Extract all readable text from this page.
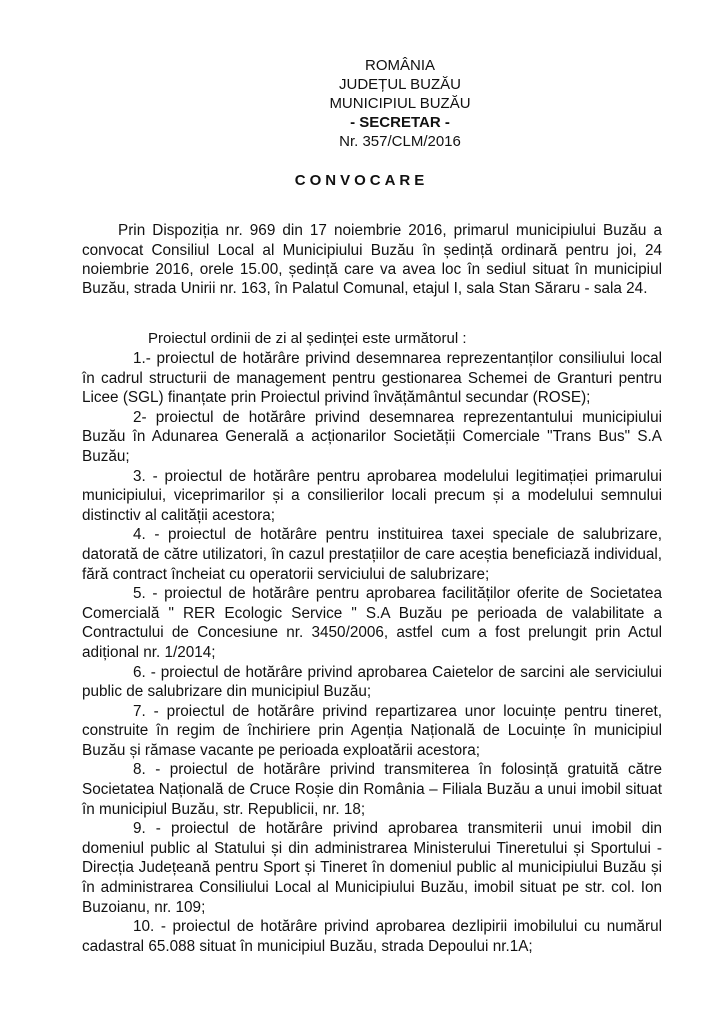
ROMÂNIA
JUDEȚUL BUZĂU
MUNICIPIUL BUZĂU
- SECRETAR -
Nr. 357/CLM/2016
CONVOCARE

Prin Dispoziția nr. 969 din 17 noiembrie 2016, primarul municipiului Buzău a convocat Consiliul Local al Municipiului Buzău în ședință ordinară pentru joi, 24 noiembrie 2016, orele 15.00, ședință care va avea loc în sediul situat în municipiul Buzău, strada Unirii nr. 163, în Palatul Comunal, etajul I, sala Stan Săraru - sala 24.

Proiectul ordinii de zi al ședinței este următorul :

1.- proiectul de hotărâre privind desemnarea reprezentanților consiliului local în cadrul structurii de management pentru gestionarea Schemei de Granturi pentru Licee (SGL) finanțate prin Proiectul privind învățământul secundar (ROSE);

2- proiectul de hotărâre privind desemnarea reprezentantului municipiului Buzău în Adunarea Generală a acționarilor Societății Comerciale "Trans Bus" S.A Buzău;

3. - proiectul de hotărâre pentru aprobarea modelului legitimației primarului municipiului, viceprimarilor și a consilierilor locali precum și a modelului semnului distinctiv al calității acestora;

4. - proiectul de hotărâre pentru instituirea taxei speciale de salubrizare, datorată de către utilizatori, în cazul prestațiilor de care aceștia beneficiază individual, fără contract încheiat cu operatorii serviciului de salubrizare;

5. - proiectul de hotărâre pentru aprobarea facilităților oferite de Societatea Comercială " RER Ecologic Service " S.A Buzău pe perioada de valabilitate a Contractului de Concesiune nr. 3450/2006, astfel cum a fost prelungit prin Actul adițional nr. 1/2014;

6. - proiectul de hotărâre privind aprobarea Caietelor de sarcini ale serviciului public de salubrizare din municipiul Buzău;

7. - proiectul de hotărâre privind repartizarea unor locuințe pentru tineret, construite în regim de închiriere prin Agenția Națională de Locuințe în municipiul Buzău și rămase vacante pe perioada exploatării acestora;

8. - proiectul de hotărâre privind transmiterea în folosință gratuită către Societatea Națională de Cruce Roșie din România – Filiala Buzău a unui imobil situat în municipiul Buzău, str. Republicii, nr. 18;

9. - proiectul de hotărâre privind aprobarea transmiterii unui imobil din domeniul public al Statului și din administrarea Ministerului Tineretului și Sportului - Direcția Județeană pentru Sport și Tineret în domeniul public al municipiului Buzău și în administrarea Consiliului Local al Municipiului Buzău, imobil situat pe str. col. Ion Buzoianu, nr. 109;

10. - proiectul de hotărâre privind aprobarea dezlipirii imobilului cu numărul cadastral 65.088 situat în municipiul Buzău, strada Depoului nr.1A;
